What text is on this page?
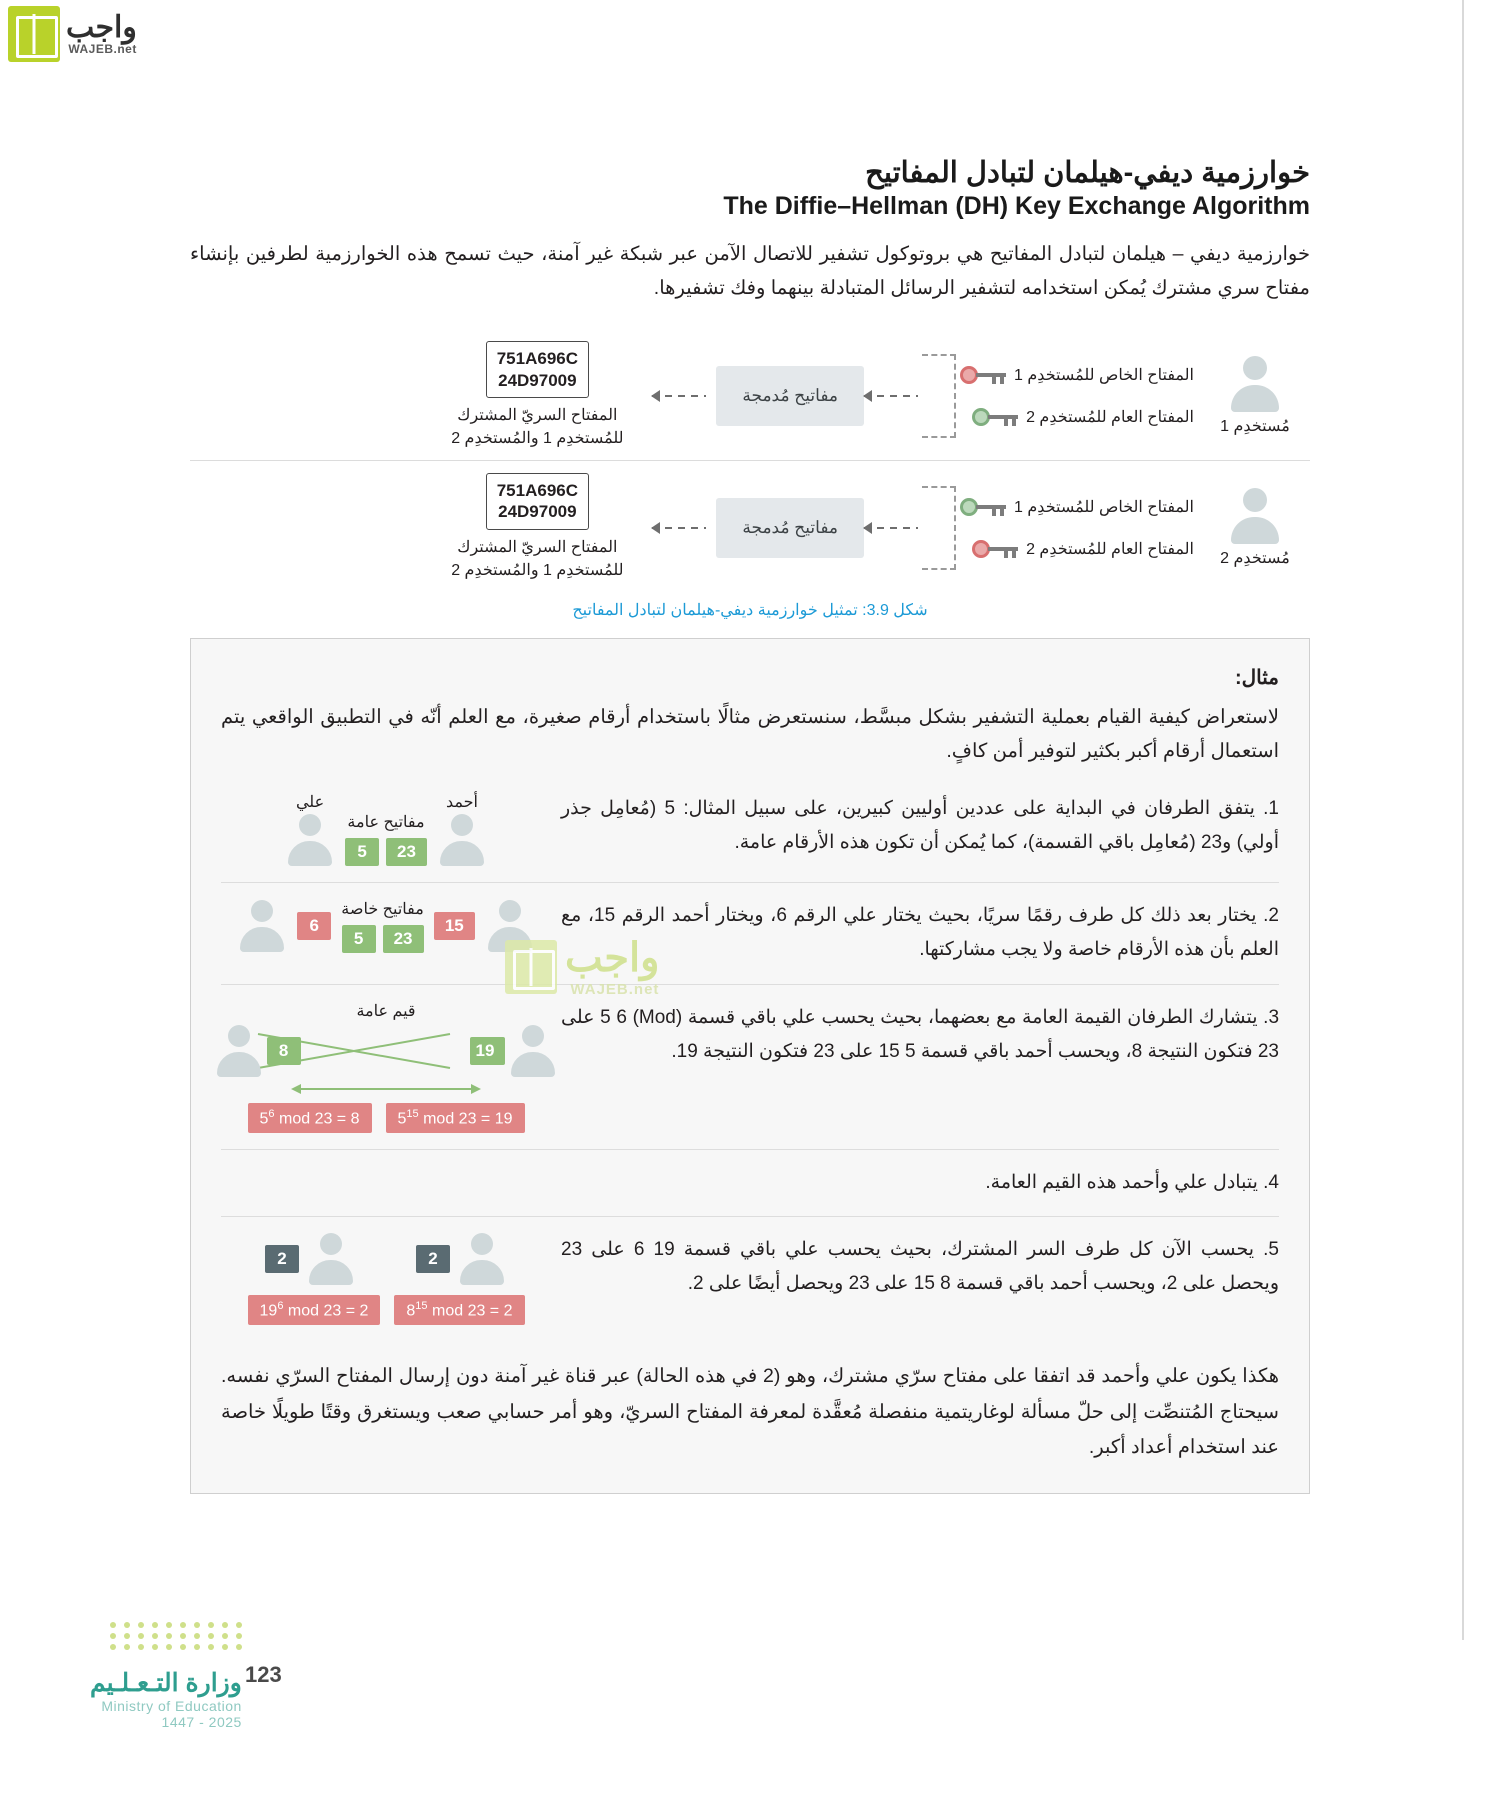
واجب
WAJEB.net
خوارزمية ديفي-هيلمان لتبادل المفاتيح
The Diffie–Hellman (DH) Key Exchange Algorithm

خوارزمية ديفي – هيلمان لتبادل المفاتيح هي بروتوكول تشفير للاتصال الآمن عبر شبكة غير آمنة، حيث تسمح هذه الخوارزمية لطرفين بإنشاء مفتاح سري مشترك يُمكن استخدامه لتشفير الرسائل المتبادلة بينهما وفك تشفيرها.

مُستخدِم 1
المفتاح الخاص للمُستخدِم 1
المفتاح العام للمُستخدِم 2
مفاتيح مُدمجة
751A696C
24D97009
المفتاح السريّ المشترك للمُستخدِم 1 والمُستخدِم 2
مُستخدِم 2
المفتاح الخاص للمُستخدِم 1
المفتاح العام للمُستخدِم 2
مفاتيح مُدمجة
751A696C
24D97009
المفتاح السريّ المشترك للمُستخدِم 1 والمُستخدِم 2
شكل 3.9: تمثيل خوارزمية ديفي-هيلمان لتبادل المفاتيح
مثال:

لاستعراض كيفية القيام بعملية التشفير بشكل مبسَّط، سنستعرض مثالًا باستخدام أرقام صغيرة، مع العلم أنّه في التطبيق الواقعي يتم استعمال أرقام أكبر بكثير لتوفير أمن كافٍ.

1. يتفق الطرفان في البداية على عددين أوليين كبيرين، على سبيل المثال: 5 (مُعامِل جذر أولي) و23 (مُعامِل باقي القسمة)، كما يُمكن أن تكون هذه الأرقام عامة.
أحمد
مفاتيح عامة
23
5
علي
2. يختار بعد ذلك كل طرف رقمًا سريًا، بحيث يختار علي الرقم 6، ويختار أحمد الرقم 15، مع العلم بأن هذه الأرقام خاصة ولا يجب مشاركتها.
15
مفاتيح خاصة
23
5
6
3. يتشارك الطرفان القيمة العامة مع بعضهما، بحيث يحسب علي باقي قسمة (Mod) 5 6 على 23 فتكون النتيجة 8، ويحسب أحمد باقي قسمة 5 15 على 23 فتكون النتيجة 19.
قيم عامة
19
8
$5^{15}$ mod 23 = 19
$5^6$ mod 23 = 8
4. يتبادل علي وأحمد هذه القيم العامة.
5. يحسب الآن كل طرف السر المشترك، بحيث يحسب علي باقي قسمة 19 6 على 23 ويحصل على 2، ويحسب أحمد باقي قسمة 8 15 على 23 ويحصل أيضًا على 2.
2
2
$8^{15}$ mod 23 = 2
$19^6$ mod 23 = 2

هكذا يكون علي وأحمد قد اتفقا على مفتاح سرّي مشترك، وهو (2 في هذه الحالة) عبر قناة غير آمنة دون إرسال المفتاح السرّي نفسه. سيحتاج المُتنصِّت إلى حلّ مسألة لوغاريتمية منفصلة مُعقَّدة لمعرفة المفتاح السريّ، وهو أمر حسابي صعب ويستغرق وقتًا طويلًا خاصة عند استخدام أعداد أكبر.

واجب
WAJEB.net
وزارة التـعـلـيم
Ministry of Education
2025 - 1447
123
